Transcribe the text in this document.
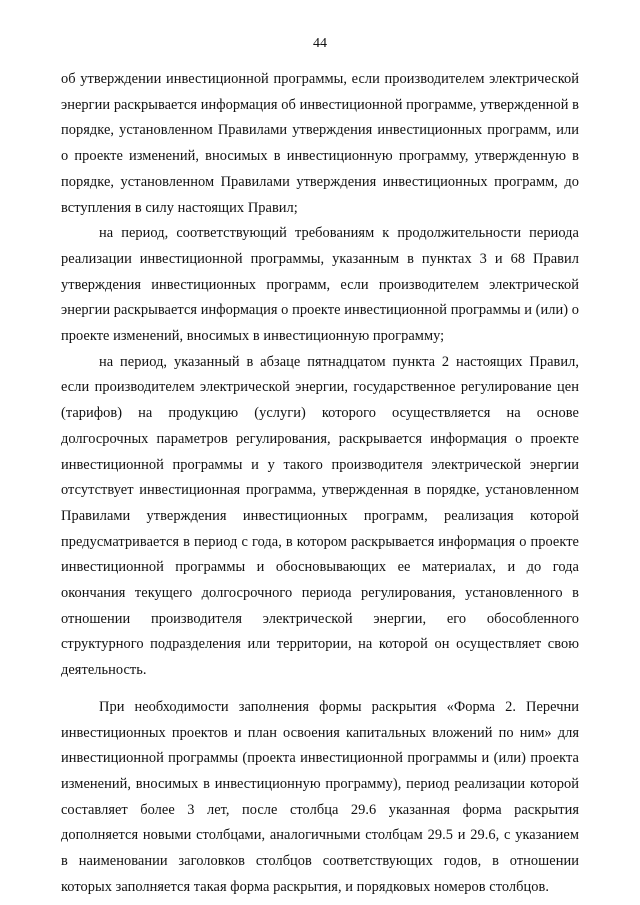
44

об утверждении инвестиционной программы, если производителем электрической энергии раскрывается информация об инвестиционной программе, утвержденной в порядке, установленном Правилами утверждения инвестиционных программ, или о проекте изменений, вносимых в инвестиционную программу, утвержденную в порядке, установленном Правилами утверждения инвестиционных программ, до вступления в силу настоящих Правил;

на период, соответствующий требованиям к продолжительности периода реализации инвестиционной программы, указанным в пунктах 3 и 68 Правил утверждения инвестиционных программ, если производителем электрической энергии раскрывается информация о проекте инвестиционной программы и (или) о проекте изменений, вносимых в инвестиционную программу;

на период, указанный в абзаце пятнадцатом пункта 2 настоящих Правил, если производителем электрической энергии, государственное регулирование цен (тарифов) на продукцию (услуги) которого осуществляется на основе долгосрочных параметров регулирования, раскрывается информация о проекте инвестиционной программы и у такого производителя электрической энергии отсутствует инвестиционная программа, утвержденная в порядке, установленном Правилами утверждения инвестиционных программ, реализация которой предусматривается в период с года, в котором раскрывается информация о проекте инвестиционной программы и обосновывающих ее материалах, и до года окончания текущего долгосрочного периода регулирования, установленного в отношении производителя электрической энергии, его обособленного структурного подразделения или территории, на которой он осуществляет свою деятельность.

При необходимости заполнения формы раскрытия «Форма 2. Перечни инвестиционных проектов и план освоения капитальных вложений по ним» для инвестиционной программы (проекта инвестиционной программы и (или) проекта изменений, вносимых в инвестиционную программу), период реализации которой составляет более 3 лет, после столбца 29.6 указанная форма раскрытия дополняется новыми столбцами, аналогичными столбцам 29.5 и 29.6, с указанием в наименовании заголовков столбцов соответствующих годов, в отношении которых заполняется такая форма раскрытия, и порядковых номеров столбцов.
